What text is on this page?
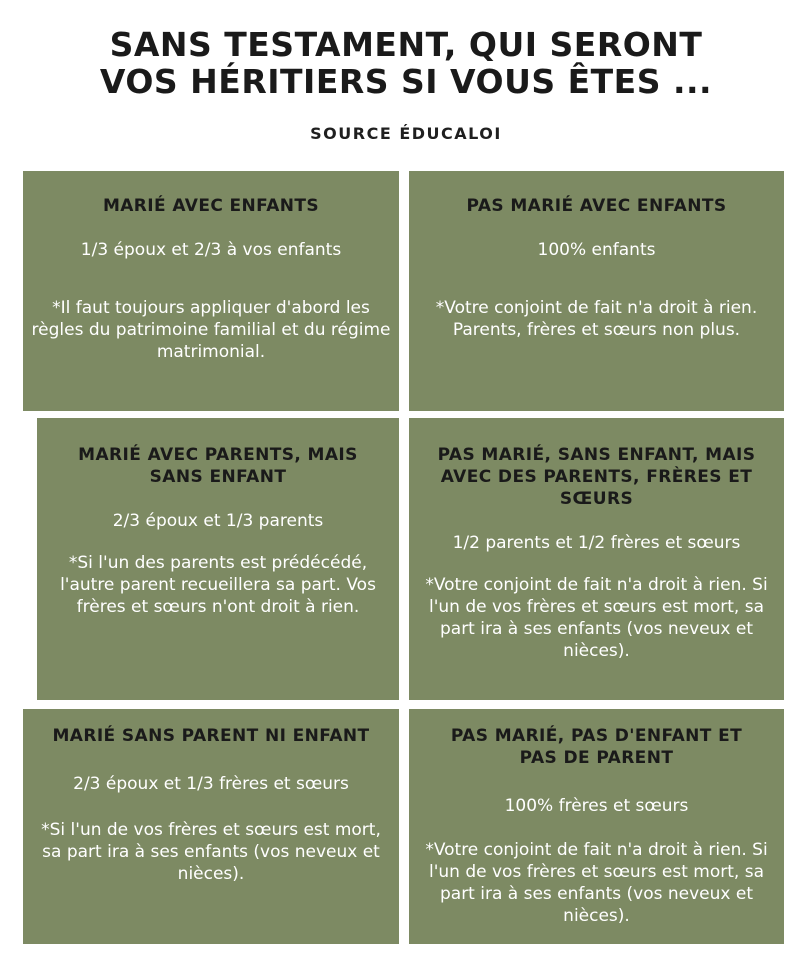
SANS TESTAMENT, QUI SERONT
VOS HÉRITIERS SI VOUS ÊTES ...
SOURCE ÉDUCALOI
MARIÉ AVEC ENFANTS
1/3 époux et 2/3 à vos enfants
*Il faut toujours appliquer d'abord les règles du patrimoine familial et du régime matrimonial.
PAS MARIÉ AVEC ENFANTS
100% enfants
*Votre conjoint de fait n'a droit à rien. Parents, frères et sœurs non plus.
MARIÉ AVEC PARENTS, MAIS SANS ENFANT
2/3 époux et 1/3 parents
*Si l'un des parents est prédécédé, l'autre parent recueillera sa part. Vos frères et sœurs n'ont droit à rien.
PAS MARIÉ, SANS ENFANT, MAIS AVEC DES PARENTS, FRÈRES ET SŒURS
1/2 parents et 1/2 frères et sœurs
*Votre conjoint de fait n'a droit à rien. Si l'un de vos frères et sœurs est mort, sa part ira à ses enfants (vos neveux et nièces).
MARIÉ SANS PARENT NI ENFANT
2/3 époux et 1/3 frères et sœurs
*Si l'un de vos frères et sœurs est mort, sa part ira à ses enfants (vos neveux et nièces).
PAS MARIÉ, PAS D'ENFANT ET PAS DE PARENT
100% frères et sœurs
*Votre conjoint de fait n'a droit à rien. Si l'un de vos frères et sœurs est mort, sa part ira à ses enfants (vos neveux et nièces).
